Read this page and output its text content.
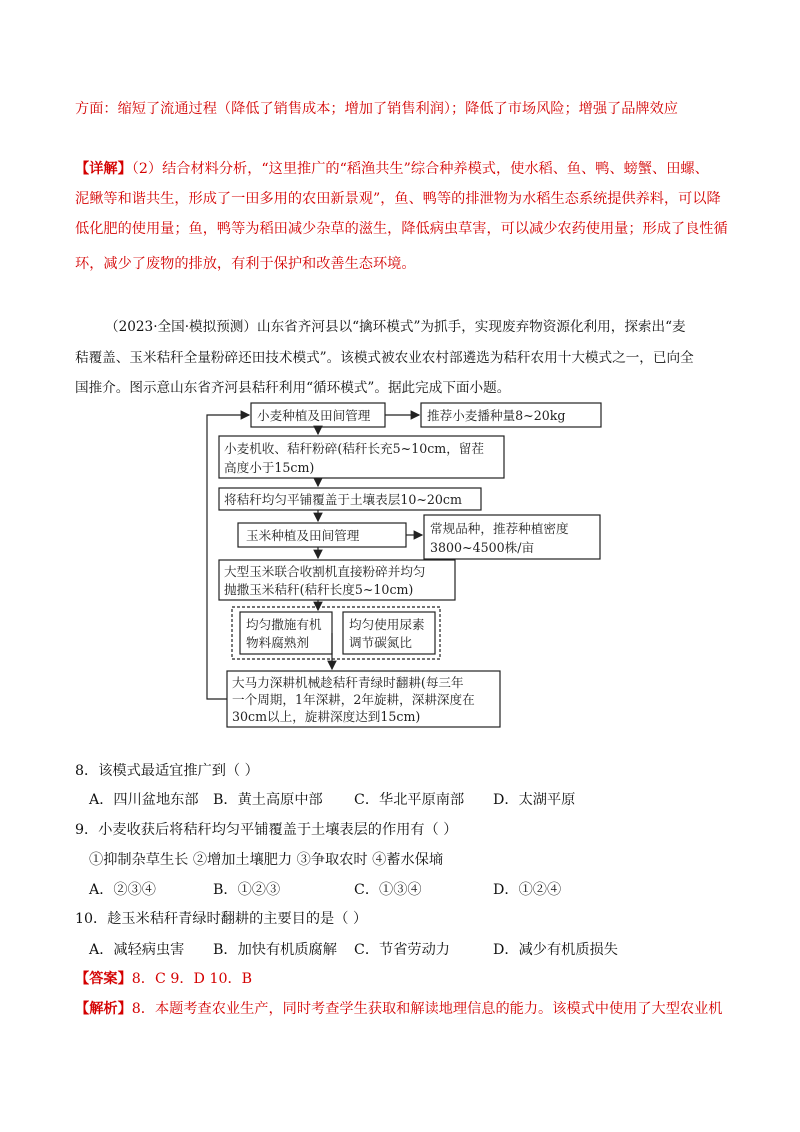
方面：缩短了流通过程（降低了销售成本；增加了销售利润）；降低了市场风险；增强了品牌效应
【详解】（2）结合材料分析，“这里推广的“稻渔共生”综合种养模式，使水稻、鱼、鸭、螃蟹、田螺、
泥鳅等和谐共生，形成了一田多用的农田新景观”，鱼、鸭等的排泄物为水稻生态系统提供养料，可以降
低化肥的使用量；鱼，鸭等为稻田减少杂草的滋生，降低病虫草害，可以减少农药使用量；形成了良性循
环，减少了废物的排放，有利于保护和改善生态环境。
（2023·全国·模拟预测）山东省齐河县以“擒环模式”为抓手，实现废弃物资源化利用，探索出“麦
秸覆盖、玉米秸秆全量粉碎还田技术模式”。该模式被农业农村部遴选为秸秆农用十大模式之一，已向全
国推介。图示意山东省齐河县秸秆利用“循环模式”。据此完成下面小题。
小麦种植及田间管理	推荐小麦播种量8~20kg
小麦机收、秸秆粉碎(秸秆长充5~10cm，留茬
高度小于15cm)
将秸秆均匀平铺覆盖于土壤表层10~20cm
玉米种植及田间管理	常规品种，推荐种植密度
3800~4500株/亩
大型玉米联合收割机直接粉碎并均匀
抛撒玉米秸秆(秸秆长度5~10cm)
均匀撒施有机
物料腐熟剂
均匀使用尿素
调节碳氮比
大马力深耕机械趁秸秆青绿时翻耕(每三年
一个周期，1年深耕，2年旋耕，深耕深度在
30cm以上，旋耕深度达到15cm)
8．该模式最适宜推广到（ ）
A．四川盆地东部 B．黄土高原中部 C．华北平原南部 D．太湖平原
9．小麦收获后将秸秆均匀平铺覆盖于土壤表层的作用有（ ）
①抑制杂草生长 ②增加土壤肥力 ③争取农时 ④蓄水保墒
A．②③④	B．①②③	C．①③④	D．①②④
10．趁玉米秸秆青绿时翻耕的主要目的是（ ）
A．减轻病虫害 B．加快有机质腐解 C．节省劳动力	D．减少有机质损失
【答案】8．C 9．D 10．B
【解析】8．本题考查农业生产，同时考查学生获取和解读地理信息的能力。该模式中使用了大型农业机
